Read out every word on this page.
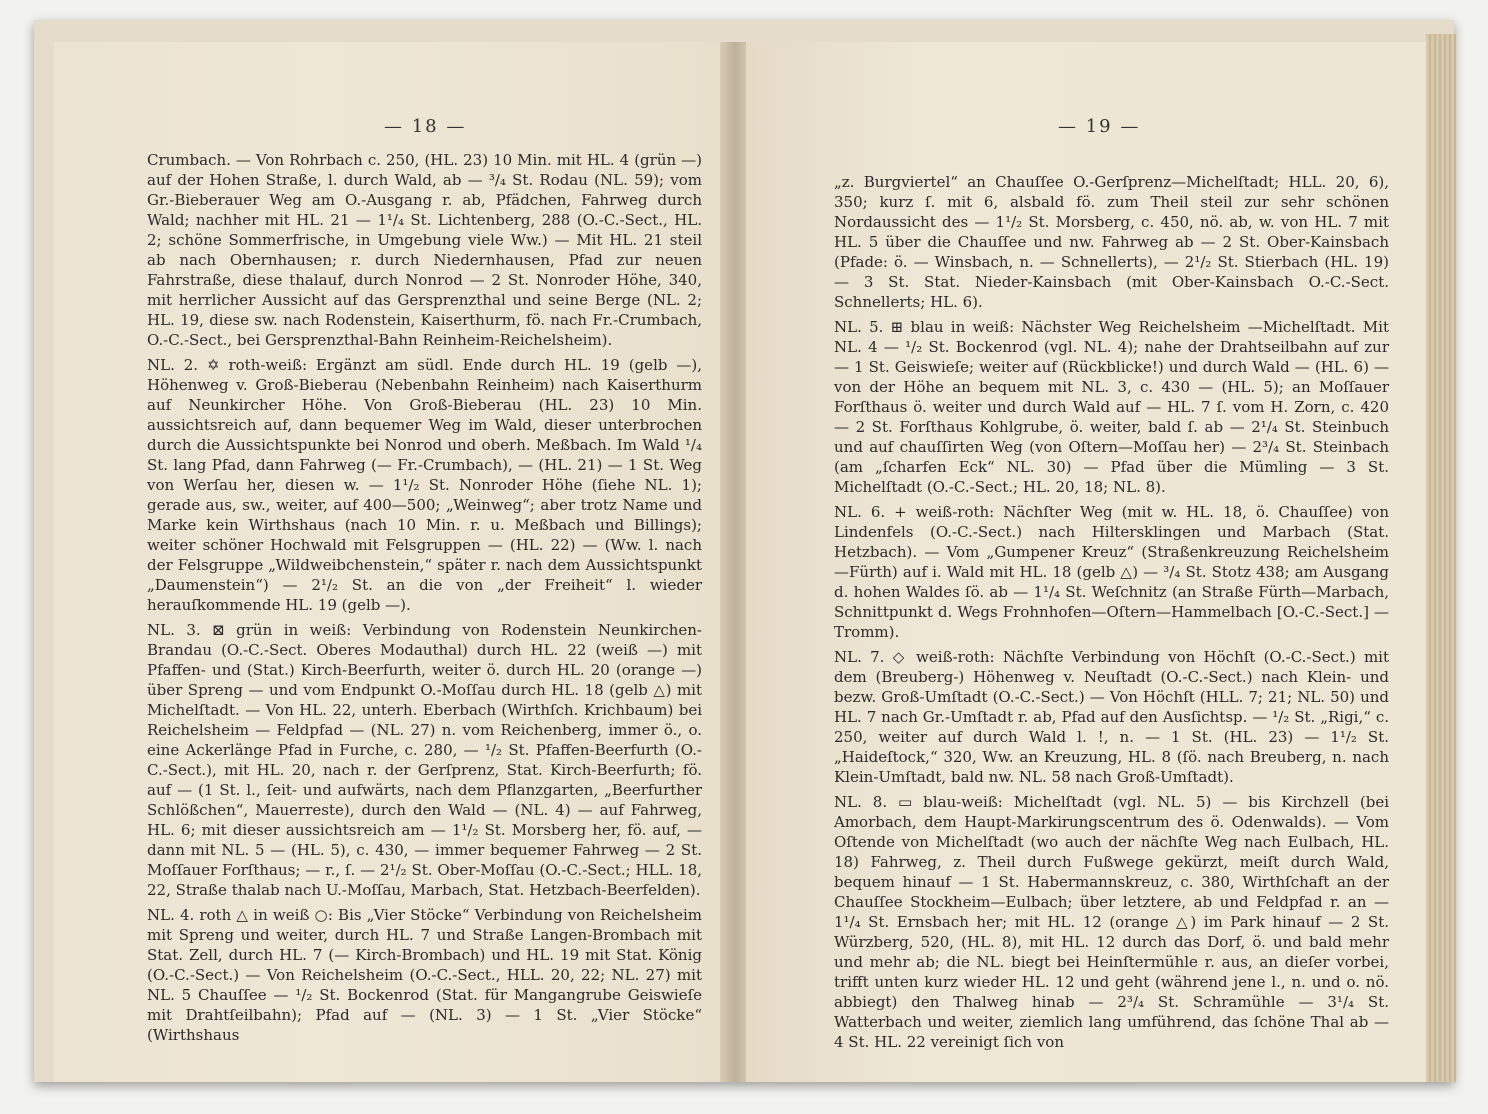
— 18 —

Crumbach. — Von Rohrbach c. 250, (HL. 23) 10 Min. mit HL. 4 (grün —) auf der Hohen Straße, l. durch Wald, ab — ³/₄ St. Rodau (NL. 59); vom Gr.-Bieberauer Weg am O.-Ausgang r. ab, Pfädchen, Fahrweg durch Wald; nachher mit HL. 21 — 1¹/₄ St. Lichtenberg, 288 (O.-C.-Sect., HL. 2; schöne Sommerfrische, in Umgebung viele Ww.) — Mit HL. 21 steil ab nach Obernhausen; r. durch Niedernhausen, Pfad zur neuen Fahrstraße, diese thalauf, durch Nonrod — 2 St. Nonroder Höhe, 340, mit herrlicher Aussicht auf das Gersprenzthal und seine Berge (NL. 2; HL. 19, diese sw. nach Rodenstein, Kaiserthurm, fö. nach Fr.-Crumbach, O.-C.-Sect., bei Gersprenzthal-Bahn Reinheim-Reichelsheim).

NL. 2. ✡ roth-weiß: Ergänzt am südl. Ende durch HL. 19 (gelb —), Höhenweg v. Groß-Bieberau (Nebenbahn Reinheim) nach Kaiserthurm auf Neunkircher Höhe. Von Groß-Bieberau (HL. 23) 10 Min. aussichtsreich auf, dann bequemer Weg im Wald, dieser unterbrochen durch die Aussichtspunkte bei Nonrod und oberh. Meßbach. Im Wald ¹/₄ St. lang Pfad, dann Fahrweg (— Fr.-Crumbach), — (HL. 21) — 1 St. Weg von Werſau her, diesen w. — 1¹/₂ St. Nonroder Höhe (ſiehe NL. 1); gerade aus, sw., weiter, auf 400—500; „Weinweg“; aber trotz Name und Marke kein Wirthshaus (nach 10 Min. r. u. Meßbach und Billings); weiter schöner Hochwald mit Felsgruppen — (HL. 22) — (Ww. l. nach der Felsgruppe „Wildweibchenstein,“ später r. nach dem Aussichtspunkt „Daumenstein“) — 2¹/₂ St. an die von „der Freiheit“ l. wieder herauſkommende HL. 19 (gelb —).

NL. 3. ⊠ grün in weiß: Verbindung von Rodenstein Neunkirchen-Brandau (O.-C.-Sect. Oberes Modauthal) durch HL. 22 (weiß —) mit Pfaffen- und (Stat.) Kirch-Beerfurth, weiter ö. durch HL. 20 (orange —) über Spreng — und vom Endpunkt O.-Moſſau durch HL. 18 (gelb △) mit Michelſtadt. — Von HL. 22, unterh. Eberbach (Wirthſch. Krichbaum) bei Reichelsheim — Feldpfad — (NL. 27) n. vom Reichenberg, immer ö., o. eine Ackerlänge Pfad in Furche, c. 280, — ¹/₂ St. Pfaffen-Beerfurth (O.-C.-Sect.), mit HL. 20, nach r. der Gerſprenz, Stat. Kirch-Beerfurth; fö. auf — (1 St. l., ſeit- und aufwärts, nach dem Pflanzgarten, „Beerfurther Schlößchen“, Mauerreste), durch den Wald — (NL. 4) — auf Fahrweg, HL. 6; mit dieser aussichtsreich am — 1¹/₂ St. Morsberg her, fö. auf, — dann mit NL. 5 — (HL. 5), c. 430, — immer bequemer Fahrweg — 2 St. Moſſauer Forſthaus; — r., ſ. — 2¹/₂ St. Ober-Moſſau (O.-C.-Sect.; HLL. 18, 22, Straße thalab nach U.-Moſſau, Marbach, Stat. Hetzbach-Beerfelden).

NL. 4. roth △ in weiß ○: Bis „Vier Stöcke“ Verbindung von Reichelsheim mit Spreng und weiter, durch HL. 7 und Straße Langen-Brombach mit Stat. Zell, durch HL. 7 (— Kirch-Brombach) und HL. 19 mit Stat. König (O.-C.-Sect.) — Von Reichelsheim (O.-C.-Sect., HLL. 20, 22; NL. 27) mit NL. 5 Chauſſee — ¹/₂ St. Bockenrod (Stat. für Mangangrube Geiswieſe mit Drahtſeilbahn); Pfad auf — (NL. 3) — 1 St. „Vier Stöcke“ (Wirthshaus

— 19 —

„z. Burgviertel“ an Chauſſee O.-Gerſprenz—Michelſtadt; HLL. 20, 6), 350; kurz ſ. mit 6, alsbald fö. zum Theil steil zur sehr schönen Nordaussicht des — 1¹/₂ St. Morsberg, c. 450, nö. ab, w. von HL. 7 mit HL. 5 über die Chauſſee und nw. Fahrweg ab — 2 St. Ober-Kainsbach (Pfade: ö. — Winsbach, n. — Schnellerts), — 2¹/₂ St. Stierbach (HL. 19) — 3 St. Stat. Nieder-Kainsbach (mit Ober-Kainsbach O.-C.-Sect. Schnellerts; HL. 6).

NL. 5. ⊞ blau in weiß: Nächster Weg Reichelsheim —Michelſtadt. Mit NL. 4 — ¹/₂ St. Bockenrod (vgl. NL. 4); nahe der Drahtseilbahn auf zur — 1 St. Geiswieſe; weiter auf (Rückblicke!) und durch Wald — (HL. 6) — von der Höhe an bequem mit NL. 3, c. 430 — (HL. 5); an Moſſauer Forſthaus ö. weiter und durch Wald auf — HL. 7 ſ. vom H. Zorn, c. 420 — 2 St. Forſthaus Kohlgrube, ö. weiter, bald ſ. ab — 2¹/₄ St. Steinbuch und auf chauſſirten Weg (von Oſtern—Moſſau her) — 2³/₄ St. Steinbach (am „ſcharfen Eck“ NL. 30) — Pfad über die Mümling — 3 St. Michelſtadt (O.-C.-Sect.; HL. 20, 18; NL. 8).

NL. 6. + weiß-roth: Nächſter Weg (mit w. HL. 18, ö. Chauſſee) von Lindenfels (O.-C.-Sect.) nach Hiltersklingen und Marbach (Stat. Hetzbach). — Vom „Gumpener Kreuz“ (Straßenkreuzung Reichelsheim—Fürth) auf i. Wald mit HL. 18 (gelb △) — ³/₄ St. Stotz 438; am Ausgang d. hohen Waldes ſö. ab — 1¹/₄ St. Weſchnitz (an Straße Fürth—Marbach, Schnittpunkt d. Wegs Frohnhofen—Oſtern—Hammelbach [O.-C.-Sect.] — Tromm).

NL. 7. ◇ weiß-roth: Nächſte Verbindung von Höchſt (O.-C.-Sect.) mit dem (Breuberg-) Höhenweg v. Neuſtadt (O.-C.-Sect.) nach Klein- und bezw. Groß-Umſtadt (O.-C.-Sect.) — Von Höchſt (HLL. 7; 21; NL. 50) und HL. 7 nach Gr.-Umſtadt r. ab, Pfad auf den Ausſichtsp. — ¹/₂ St. „Rigi,“ c. 250, weiter auf durch Wald l. !, n. — 1 St. (HL. 23) — 1¹/₂ St. „Haideſtock,“ 320, Ww. an Kreuzung, HL. 8 (ſö. nach Breuberg, n. nach Klein-Umſtadt, bald nw. NL. 58 nach Groß-Umſtadt).

NL. 8. ▭ blau-weiß: Michelſtadt (vgl. NL. 5) — bis Kirchzell (bei Amorbach, dem Haupt-Markirungscentrum des ö. Odenwalds). — Vom Oſtende von Michelſtadt (wo auch der nächſte Weg nach Eulbach, HL. 18) Fahrweg, z. Theil durch Fußwege gekürzt, meiſt durch Wald, bequem hinauf — 1 St. Habermannskreuz, c. 380, Wirthſchaft an der Chauſſee Stockheim—Eulbach; über letztere, ab und Feldpfad r. an — 1¹/₄ St. Ernsbach her; mit HL. 12 (orange △) im Park hinauf — 2 St. Würzberg, 520, (HL. 8), mit HL. 12 durch das Dorf, ö. und bald mehr und mehr ab; die NL. biegt bei Heinſtermühle r. aus, an dieſer vorbei, trifft unten kurz wieder HL. 12 und geht (während jene l., n. und o. nö. abbiegt) den Thalweg hinab — 2³/₄ St. Schramühle — 3¹/₄ St. Watterbach und weiter, ziemlich lang umführend, das ſchöne Thal ab — 4 St. HL. 22 vereinigt ſich von
